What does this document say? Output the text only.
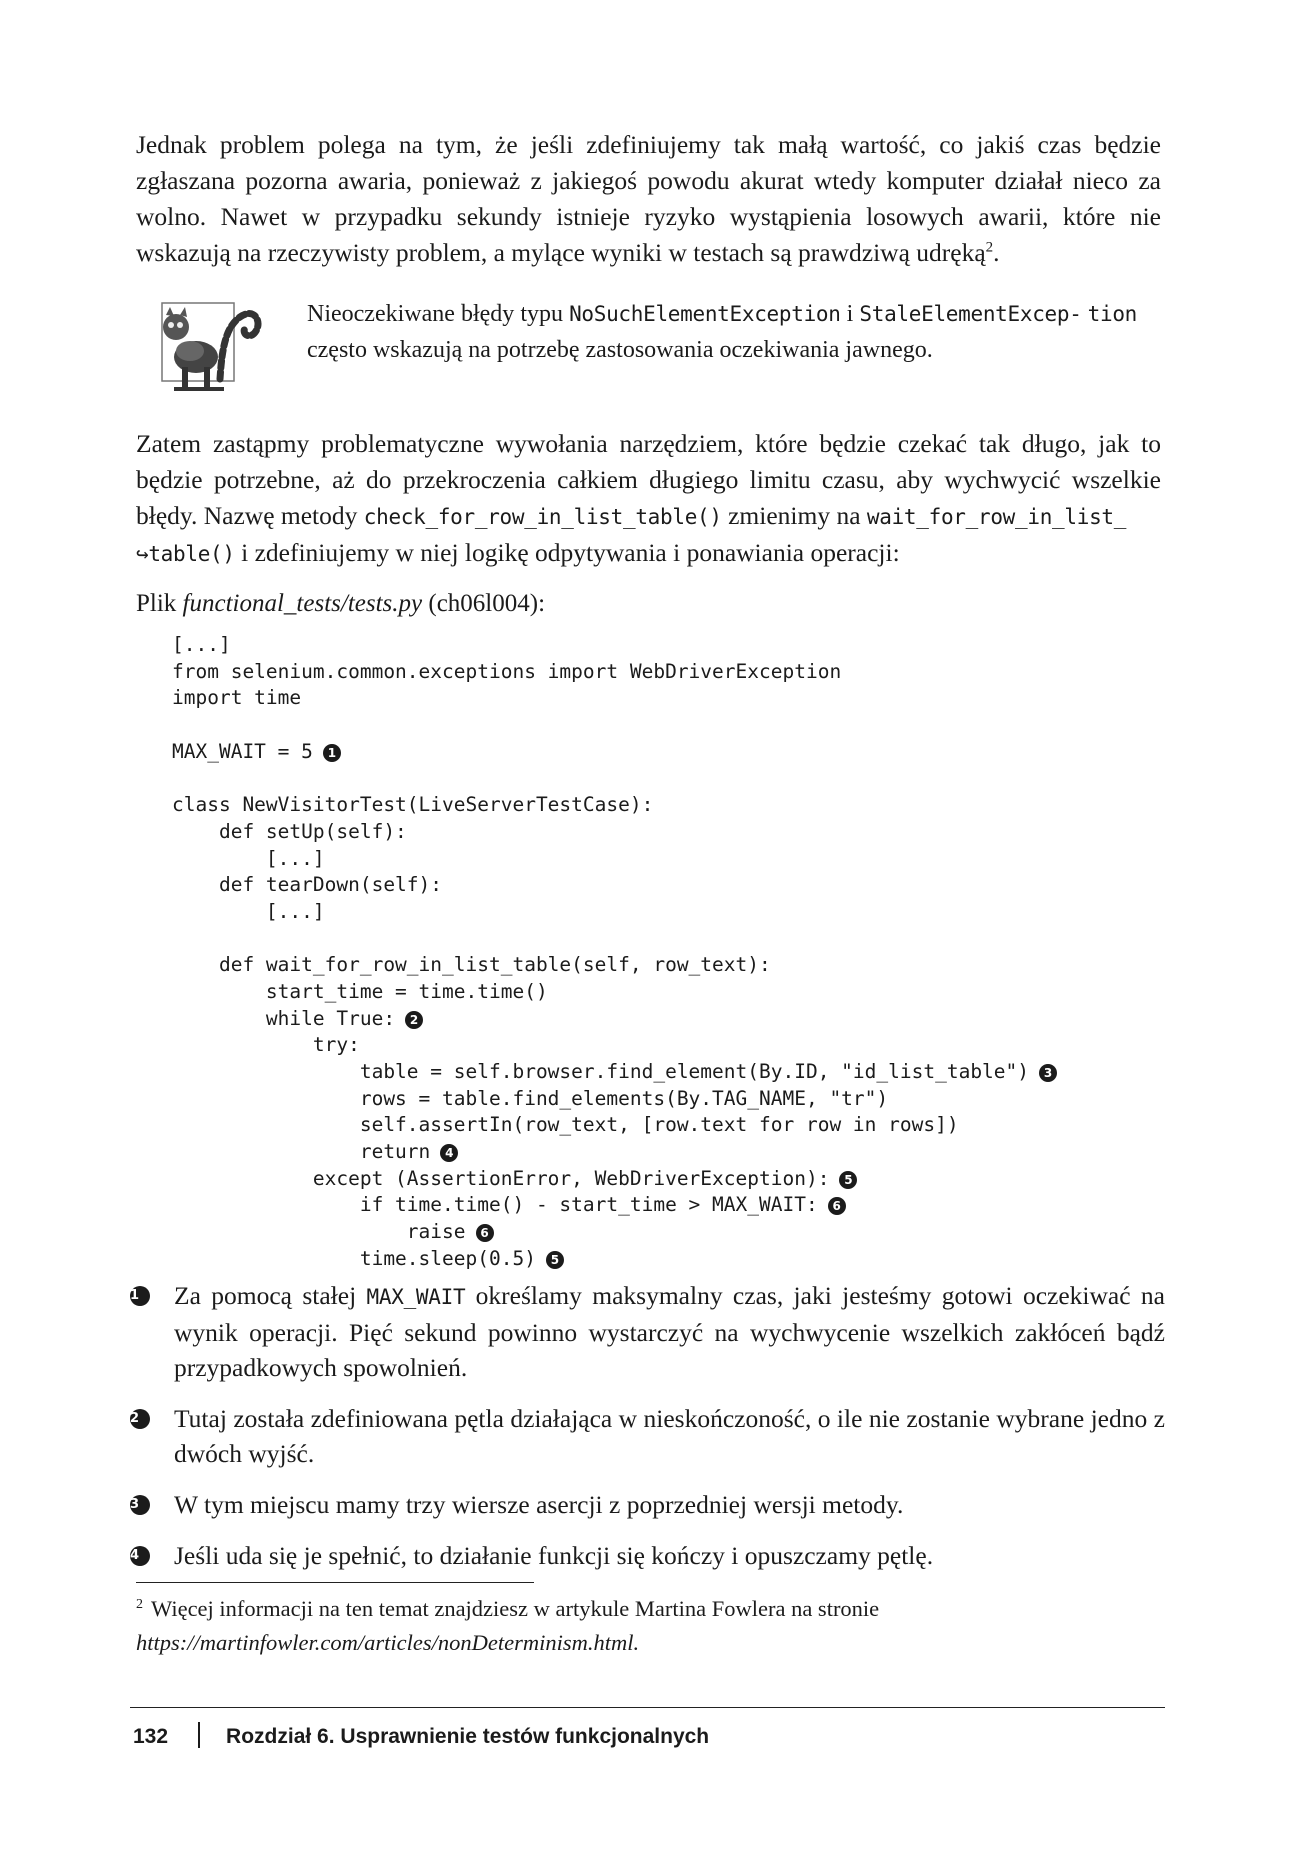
Jednak problem polega na tym, że jeśli zdefiniujemy tak małą wartość, co jakiś czas będzie zgłaszana pozorna awaria, ponieważ z jakiegoś powodu akurat wtedy komputer działał nieco za wolno. Nawet w przypadku sekundy istnieje ryzyko wystąpienia losowych awarii, które nie wskazują na rzeczywisty problem, a mylące wyniki w testach są prawdziwą udręką$^2$.

Nieoczekiwane błędy typu NoSuchElementException i StaleElementExcep- tion często wskazują na potrzebę zastosowania oczekiwania jawnego.

Zatem zastąpmy problematyczne wywołania narzędziem, które będzie czekać tak długo, jak to będzie potrzebne, aż do przekroczenia całkiem długiego limitu czasu, aby wychwycić wszelkie błędy. Nazwę metody check_for_row_in_list_table() zmienimy na wait_for_row_in_list_
↪table() i zdefiniujemy w niej logikę odpytywania i ponawiania operacji:

Plik functional_tests/tests.py (ch06l004):

[...]
from selenium.common.exceptions import WebDriverException
import time
MAX_WAIT = 5 1
class NewVisitorTest(LiveServerTestCase):
def setUp(self):
[...]
def tearDown(self):
[...]
def wait_for_row_in_list_table(self, row_text):
start_time = time.time()
while True: 2
try:
table = self.browser.find_element(By.ID, "id_list_table") 3
rows = table.find_elements(By.TAG_NAME, "tr")
self.assertIn(row_text, [row.text for row in rows])
return 4
except (AssertionError, WebDriverException): 5
if time.time() - start_time > MAX_WAIT: 6
raise 6
time.sleep(0.5) 5
1	Za pomocą stałej MAX_WAIT określamy maksymalny czas, jaki jesteśmy gotowi oczekiwać na wynik operacji. Pięć sekund powinno wystarczyć na wychwycenie wszelkich zakłóceń bądź przypadkowych spowolnień.
2	Tutaj została zdefiniowana pętla działająca w nieskończoność, o ile nie zostanie wybrane jedno z dwóch wyjść.
3	W tym miejscu mamy trzy wiersze asercji z poprzedniej wersji metody.
4	Jeśli uda się je spełnić, to działanie funkcji się kończy i opuszczamy pętlę.

$^2$ Więcej informacji na ten temat znajdziesz w artykule Martina Fowlera na stronie https://martinfowler.com/articles/nonDeterminism.html.

132	Rozdział 6. Usprawnienie testów funkcjonalnych
